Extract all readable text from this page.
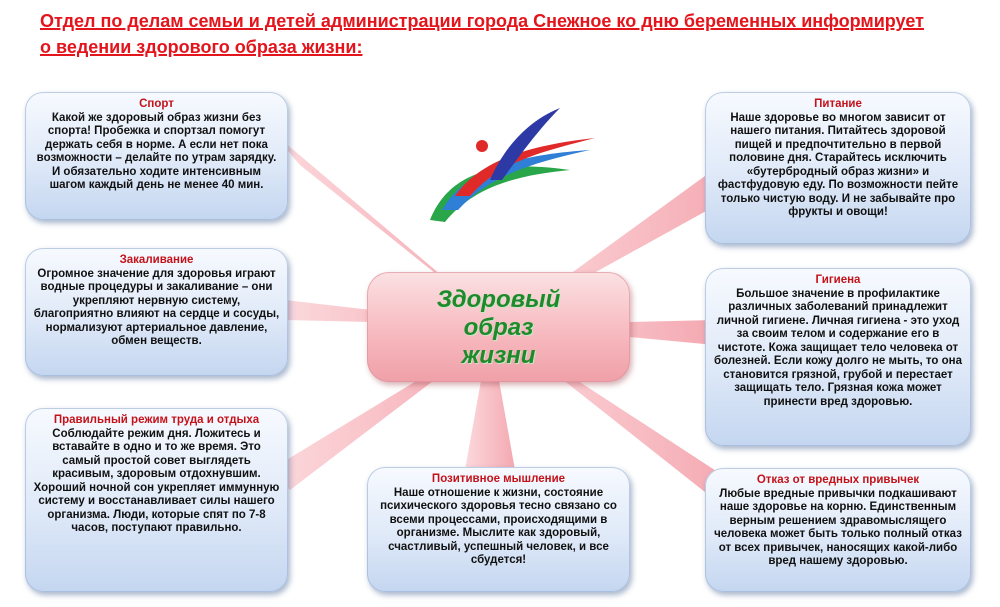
Отдел по делам семьи и детей администрации города Снежное ко дню беременных информирует
о ведении здорового образа жизни:
Здоровый
образ
жизни
Спорт
Какой же здоровый образ жизни без спорта! Пробежка и спортзал помогут держать себя в норме. А если нет пока возможности – делайте по утрам зарядку. И обязательно ходите интенсивным шагом каждый день не менее 40 мин.
Закаливание
Огромное значение для здоровья играют водные процедуры и закаливание – они укрепляют нервную систему, благоприятно влияют на сердце и сосуды, нормализуют артериальное давление, обмен веществ.
Правильный режим труда и отдыха
Соблюдайте режим дня. Ложитесь и вставайте в одно и то же время. Это самый простой совет выглядеть красивым, здоровым отдохнувшим. Хороший ночной сон укрепляет иммунную систему и восстанавливает силы нашего организма. Люди, которые спят по 7-8 часов, поступают правильно.
Позитивное мышление
Наше отношение к жизни, состояние психического здоровья тесно связано со всеми процессами, происходящими в организме. Мыслите как здоровый, счастливый, успешный человек, и все сбудется!
Питание
Наше здоровье во многом зависит от нашего питания. Питайтесь здоровой пищей и предпочтительно в первой половине дня. Старайтесь исключить «бутербродный образ жизни» и фастфудовую еду. По возможности пейте только чистую воду. И не забывайте про фрукты и овощи!
Гигиена
Большое значение в профилактике различных заболеваний принадлежит личной гигиене. Личная гигиена - это уход за своим телом и содержание его в чистоте. Кожа защищает тело человека от болезней. Если кожу долго не мыть, то она становится грязной, грубой и перестает защищать тело. Грязная кожа может принести вред здоровью.
Отказ от вредных привычек
Любые вредные привычки подкашивают наше здоровье на корню. Единственным верным решением здравомыслящего человека может быть только полный отказ от всех привычек, наносящих какой-либо вред нашему здоровью.
